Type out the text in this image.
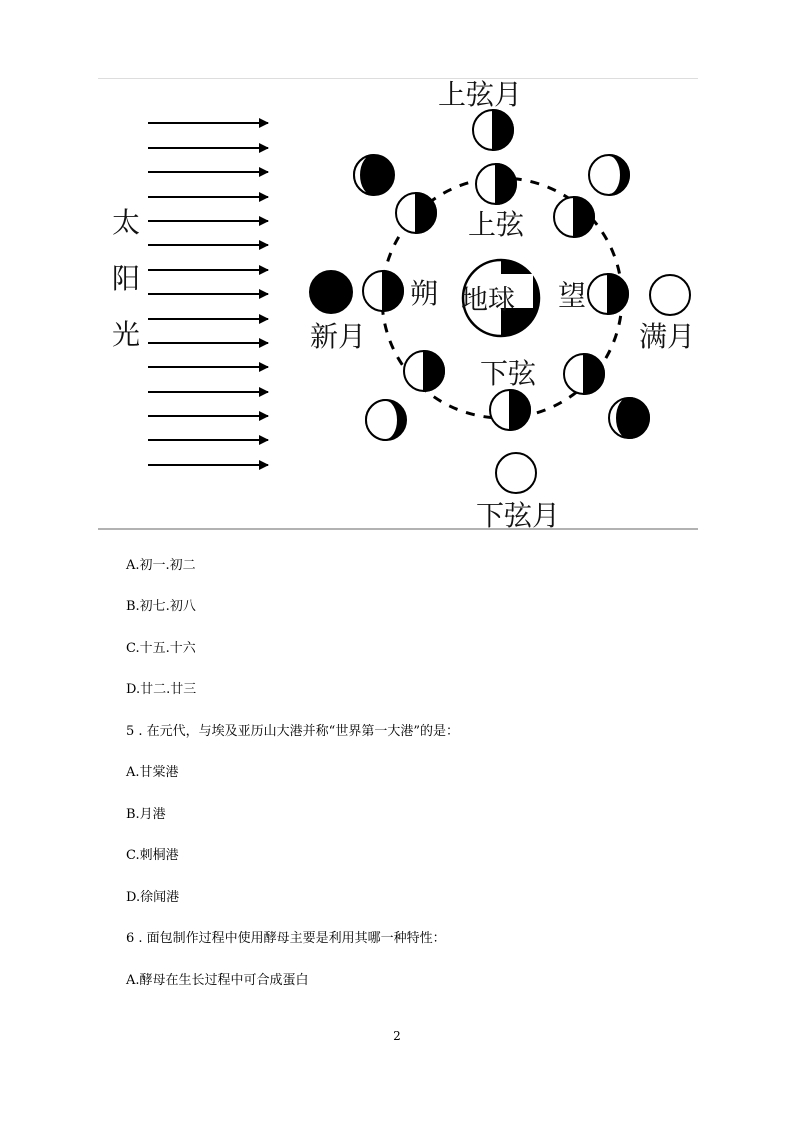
太
阳
光
地球
上弦月
上弦
朔	望
新月	满月
下弦
下弦月
A.初一.初二
B.初七.初八
C.十五.十六
D.廿二.廿三
5 . 在元代，与埃及亚历山大港并称“世界第一大港”的是：
A.甘棠港
B.月港
C.刺桐港
D.徐闻港
6 . 面包制作过程中使用酵母主要是利用其哪一种特性：
A.酵母在生长过程中可合成蛋白
2
